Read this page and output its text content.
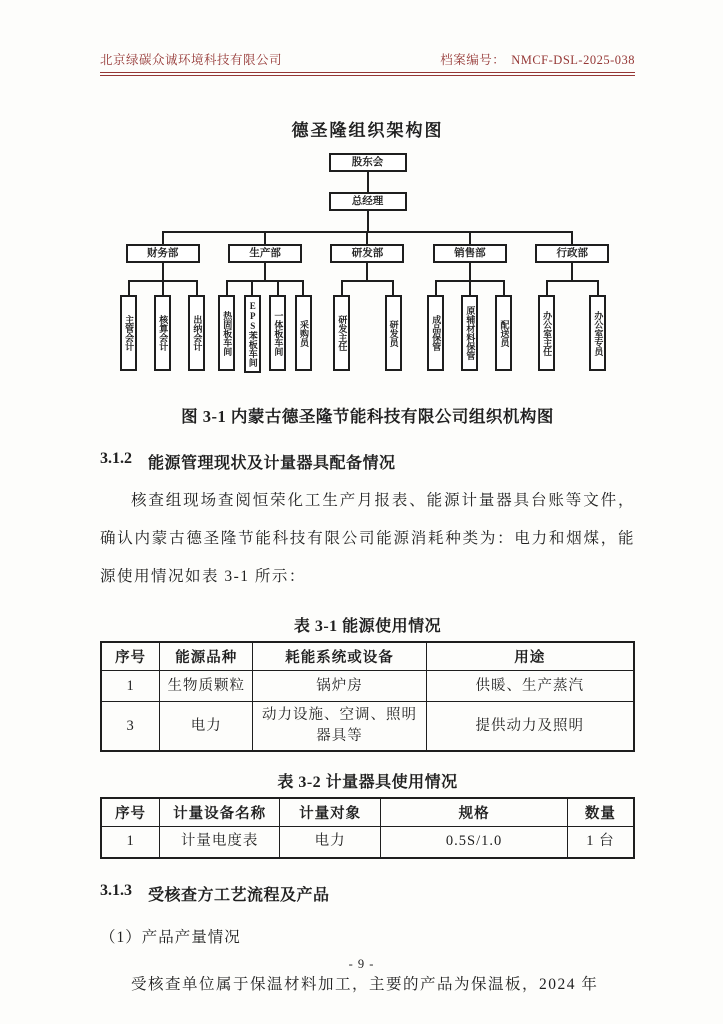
北京绿碳众诚环境科技有限公司	档案编号： NMCF-DSL-2025-038
德圣隆组织架构图
股东会
总经理
财务部
主管会计	核算会计	出纳会计
生产部
热固板车间	EPS苯板车间	一体板车间	采购员
研发部
研发主任	研发员
销售部
成品保管	原辅材料保管	配送员
行政部
办公室主任	办公室专员
图 3-1 内蒙古德圣隆节能科技有限公司组织机构图
3.1.2 能源管理现状及计量器具配备情况

核查组现场查阅恒荣化工生产月报表、能源计量器具台账等文件，确认内蒙古德圣隆节能科技有限公司能源消耗种类为：电力和烟煤，能源使用情况如表 3-1 所示：

表 3-1 能源使用情况
序号	能源品种	耗能系统或设备	用途
1	生物质颗粒	锅炉房	供暖、生产蒸汽
3	电力	动力设施、空调、照明器具等	提供动力及照明
表 3-2 计量器具使用情况
序号	计量设备名称	计量对象	规格	数量
1	计量电度表	电力	0.5S/1.0	1 台
3.1.3 受核查方工艺流程及产品
（1）产品产量情况

受核查单位属于保温材料加工，主要的产品为保温板，2024 年

- 9 -
